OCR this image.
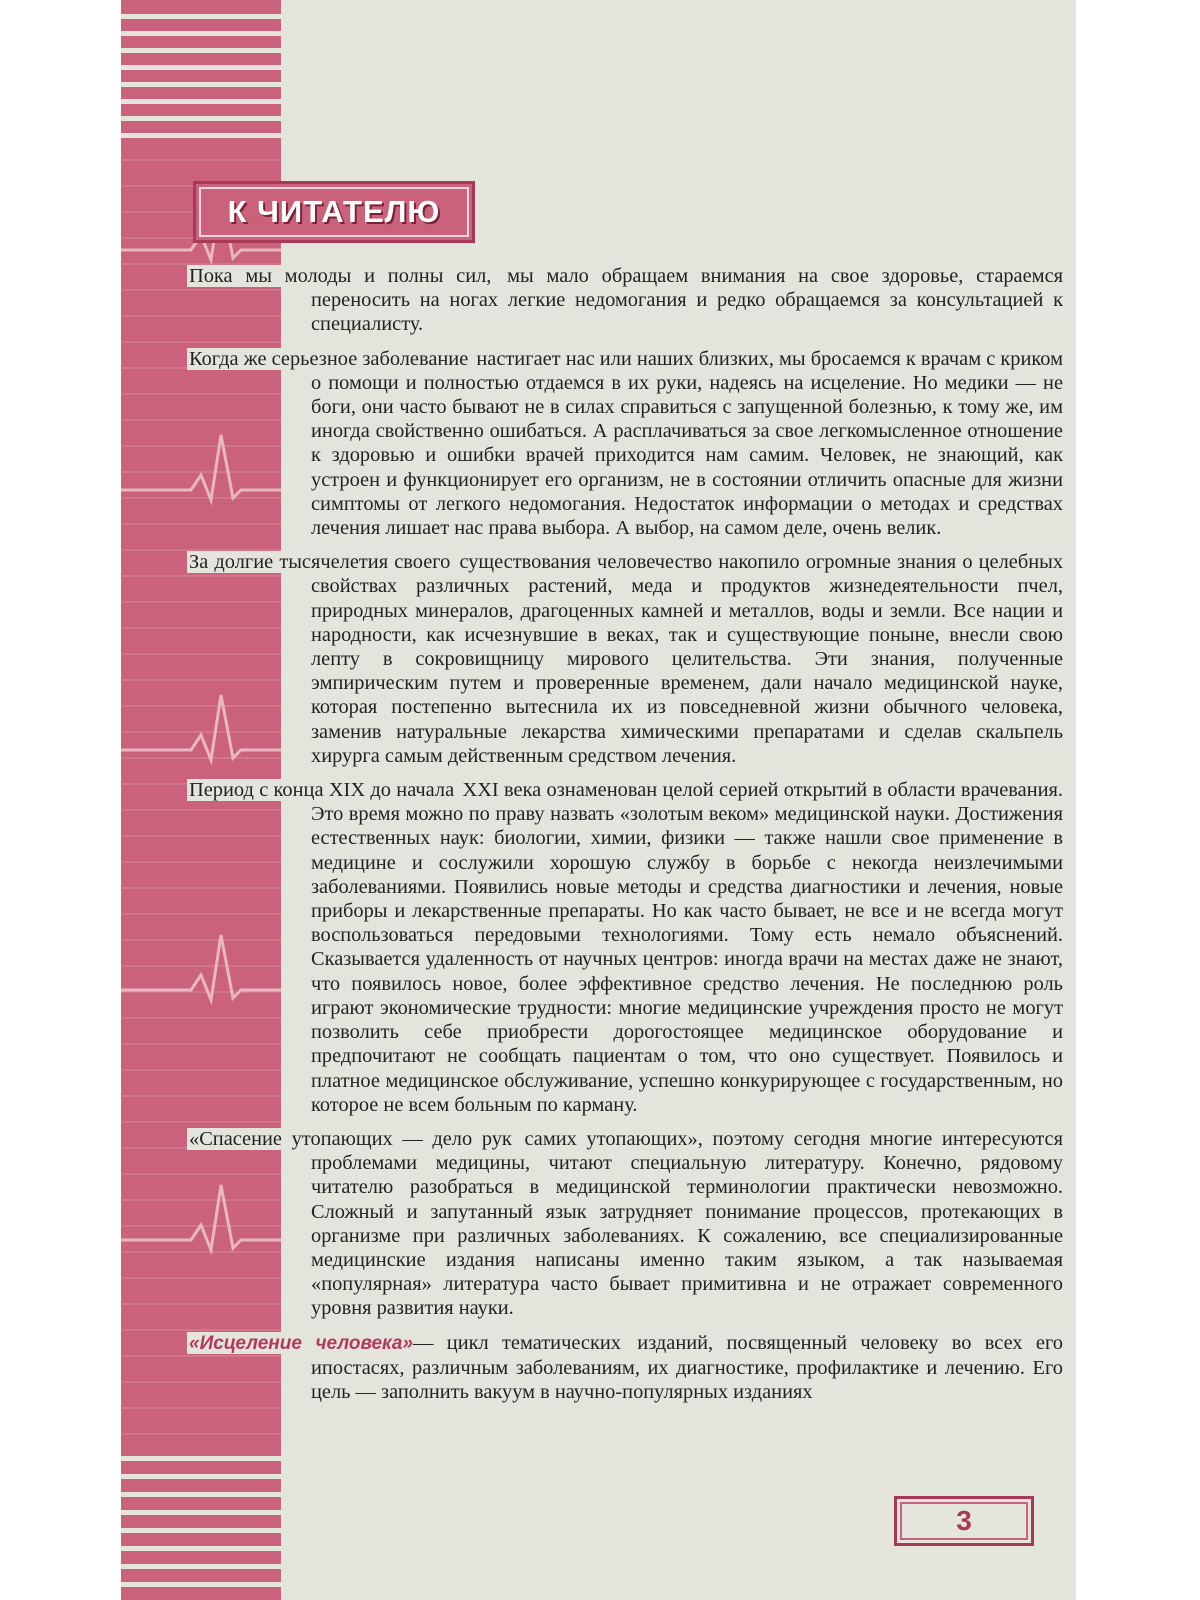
К ЧИТАТЕЛЮ

Пока мы молоды и полны сил, мы мало обращаем внимания на свое здоровье, стараемся переносить на ногах легкие недомогания и редко обращаемся за консультацией к специалисту.

Когда же серьезное заболевание настигает нас или наших близких, мы бросаемся к врачам с криком о помощи и полностью отдаемся в их руки, надеясь на исцеление. Но медики — не боги, они часто бывают не в силах справиться с запущенной болезнью, к тому же, им иногда свойственно ошибаться. А расплачиваться за свое легкомысленное отношение к здоровью и ошибки врачей приходится нам самим. Человек, не знающий, как устроен и функционирует его организм, не в состоянии отличить опасные для жизни симптомы от легкого недомогания. Недостаток информации о методах и средствах лечения лишает нас права выбора. А выбор, на самом деле, очень велик.

За долгие тысячелетия своего существования человечество накопило огромные знания о целебных свойствах различных растений, меда и продуктов жизнедеятельности пчел, природных минералов, драгоценных камней и металлов, воды и земли. Все нации и народности, как исчезнувшие в веках, так и существующие поныне, внесли свою лепту в сокровищницу мирового целительства. Эти знания, полученные эмпирическим путем и проверенные временем, дали начало медицинской науке, которая постепенно вытеснила их из повседневной жизни обычного человека, заменив натуральные лекарства химическими препаратами и сделав скальпель хирурга самым действенным средством лечения.

Период с конца XIX до начала XXI века ознаменован целой серией открытий в области врачевания. Это время можно по праву назвать «золотым веком» медицинской науки. Достижения естественных наук: биологии, химии, физики — также нашли свое применение в медицине и сослужили хорошую службу в борьбе с некогда неизлечимыми заболеваниями. Появились новые методы и средства диагностики и лечения, новые приборы и лекарственные препараты. Но как часто бывает, не все и не всегда могут воспользоваться передовыми технологиями. Тому есть немало объяснений. Сказывается удаленность от научных центров: иногда врачи на местах даже не знают, что появилось новое, более эффективное средство лечения. Не последнюю роль играют экономические трудности: многие медицинские учреждения просто не могут позволить себе приобрести дорогостоящее медицинское оборудование и предпочитают не сообщать пациентам о том, что оно существует. Появилось и платное медицинское обслуживание, успешно конкурирующее с государственным, но которое не всем больным по карману.

«Спасение утопающих — дело рук самих утопающих», поэтому сегодня многие интересуются проблемами медицины, читают специальную литературу. Конечно, рядовому читателю разобраться в медицинской терминологии практически невозможно. Сложный и запутанный язык затрудняет понимание процессов, протекающих в организме при различных заболеваниях. К сожалению, все специализированные медицинские издания написаны именно таким языком, а так называемая «популярная» литература часто бывает примитивна и не отражает современного уровня развития науки.

«Исцеление человека»— цикл тематических изданий, посвященный человеку во всех его ипостасях, различным заболеваниям, их диагностике, профилактике и лечению. Его цель — заполнить вакуум в научно-популярных изданиях

3
